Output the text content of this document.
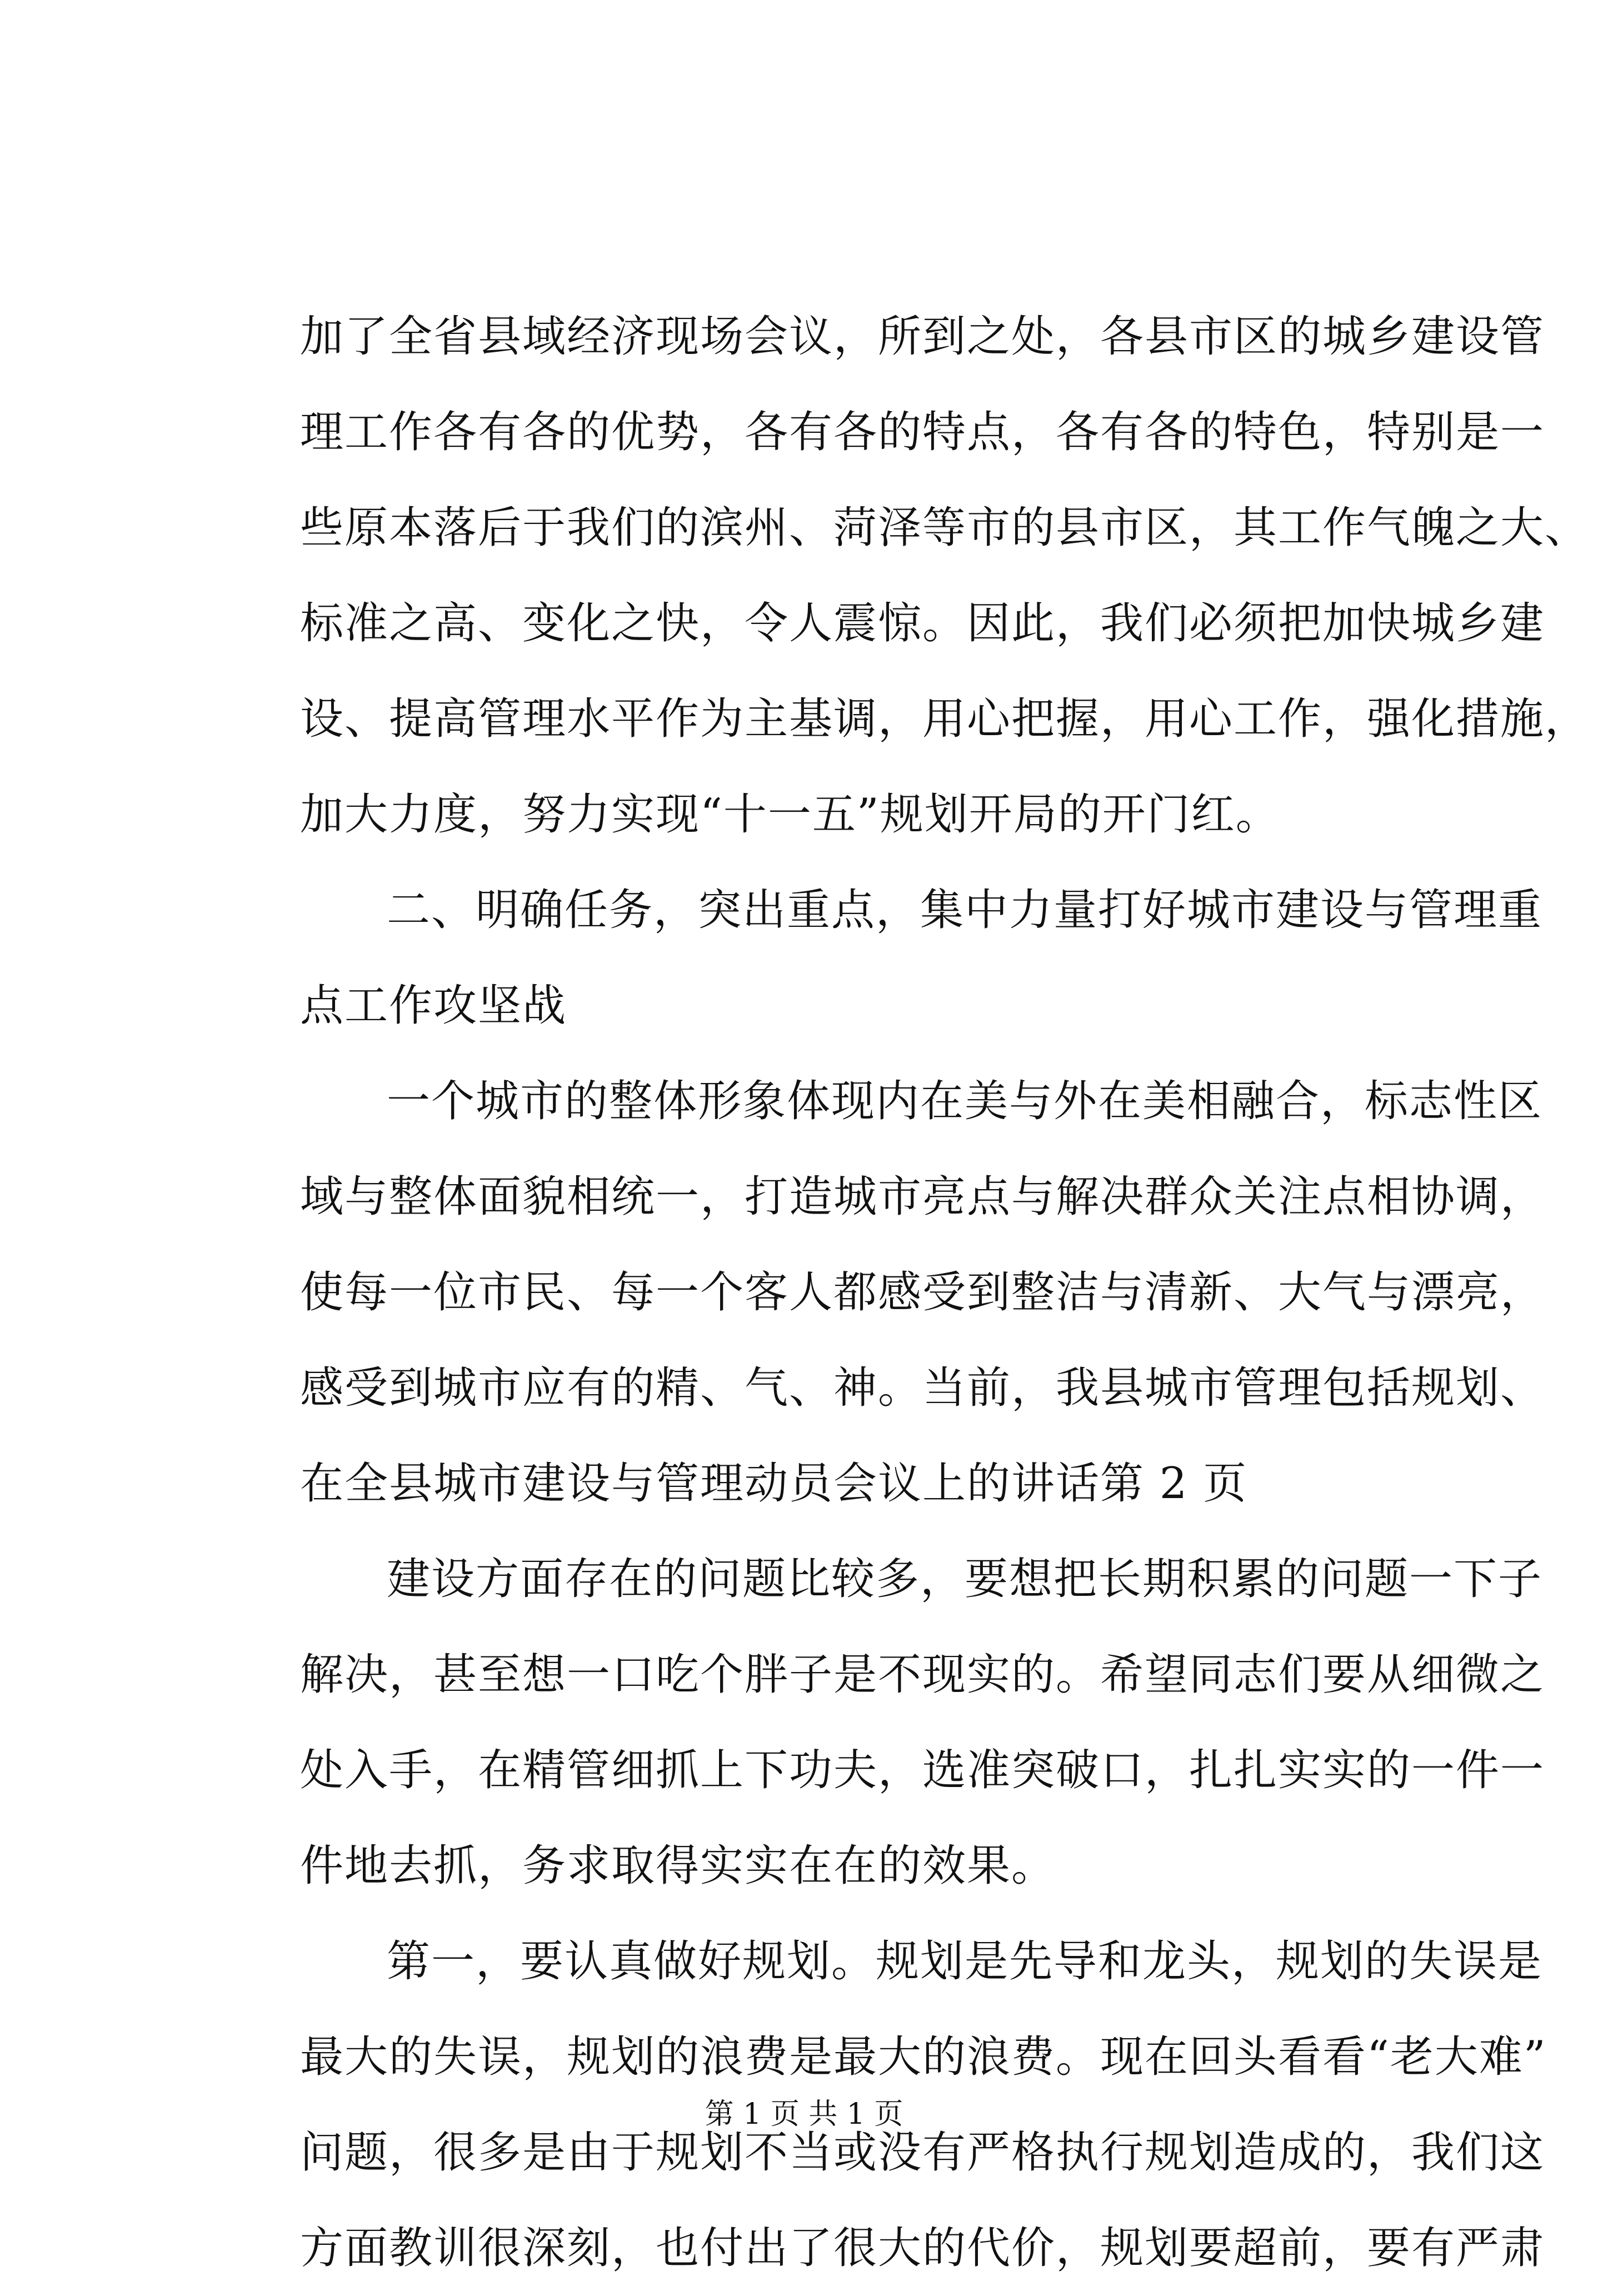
加了全省县域经济现场会议，所到之处，各县市区的城乡建设管
理工作各有各的优势，各有各的特点，各有各的特色，特别是一
些原本落后于我们的滨州、菏泽等市的县市区，其工作气魄之大、
标准之高、变化之快，令人震惊。因此，我们必须把加快城乡建
设、提高管理水平作为主基调，用心把握，用心工作，强化措施，
加大力度，努力实现“十一五”规划开局的开门红。
二、明确任务，突出重点，集中力量打好城市建设与管理重
点工作攻坚战
一个城市的整体形象体现内在美与外在美相融合，标志性区
域与整体面貌相统一，打造城市亮点与解决群众关注点相协调，
使每一位市民、每一个客人都感受到整洁与清新、大气与漂亮，
感受到城市应有的精、气、神。当前，我县城市管理包括规划、
在全县城市建设与管理动员会议上的讲话第 2 页
建设方面存在的问题比较多，要想把长期积累的问题一下子
解决，甚至想一口吃个胖子是不现实的。希望同志们要从细微之
处入手，在精管细抓上下功夫，选准突破口，扎扎实实的一件一
件地去抓，务求取得实实在在的效果。
第一，要认真做好规划。规划是先导和龙头，规划的失误是
最大的失误，规划的浪费是最大的浪费。现在回头看看“老大难”
问题，很多是由于规划不当或没有严格执行规划造成的，我们这
方面教训很深刻，也付出了很大的代价，规划要超前，要有严肃
第 1 页 共 1 页
